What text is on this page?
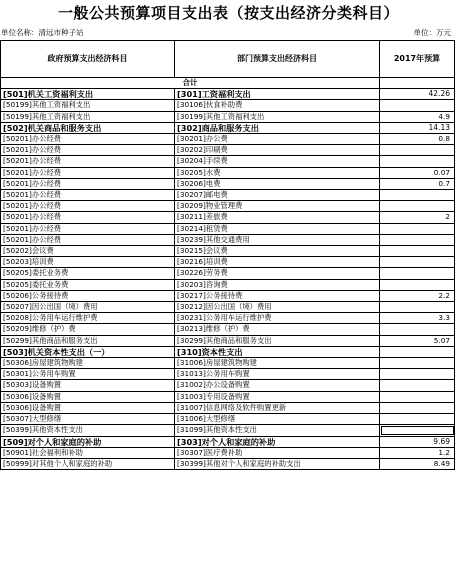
一般公共预算项目支出表（按支出经济分类科目）
单位名称：清远市种子站	单位：万元
政府预算支出经济科目	部门预算支出经济科目	2017年预算
合计		
[501]机关工资福利支出	[301]工资福利支出	42.26
[50199]其他工资福利支出	[30106]伙食补助费	
[50199]其他工资福利支出	[30199]其他工资福利支出	4.9
[502]机关商品和服务支出	[302]商品和服务支出	14.13
[50201]办公经费	[30201]办公费	0.8
[50201]办公经费	[30202]印刷费	
[50201]办公经费	[30204]手续费	
[50201]办公经费	[30205]水费	0.07
[50201]办公经费	[30206]电费	0.7
[50201]办公经费	[30207]邮电费	
[50201]办公经费	[30209]物业管理费	
[50201]办公经费	[30211]差旅费	2
[50201]办公经费	[30214]租赁费	
[50201]办公经费	[30239]其他交通费用	
[50202]会议费	[30215]会议费	
[50203]培训费	[30216]培训费	
[50205]委托业务费	[30226]劳务费	
[50205]委托业务费	[30203]咨询费	
[50206]公务接待费	[30217]公务接待费	2.2
[50207]因公出国（境）费用	[30212]因公出国（境）费用	
[50208]公务用车运行维护费	[30231]公务用车运行维护费	3.3
[50209]维修（护）费	[30213]维修（护）费	
[50299]其他商品和服务支出	[30299]其他商品和服务支出	5.07
[503]机关资本性支出（一）	[310]资本性支出	
[50306]房屋建筑物购建	[31006]房屋建筑物购建	
[50301]公务用车购置	[31013]公务用车购置	
[50303]设备购置	[31002]办公设备购置	
[50306]设备购置	[31003]专用设备购置	
[50306]设备购置	[31007]信息网络及软件购置更新	
[50307]大型修缮	[31006]大型修缮	
[50399]其他资本性支出	[31099]其他资本性支出	
[509]对个人和家庭的补助	[303]对个人和家庭的补助	9.69
[50901]社会福利和补助	[30307]医疗费补助	1.2
[50999]对其他个人和家庭的补助	[30399]其他对个人和家庭的补助支出	8.49
